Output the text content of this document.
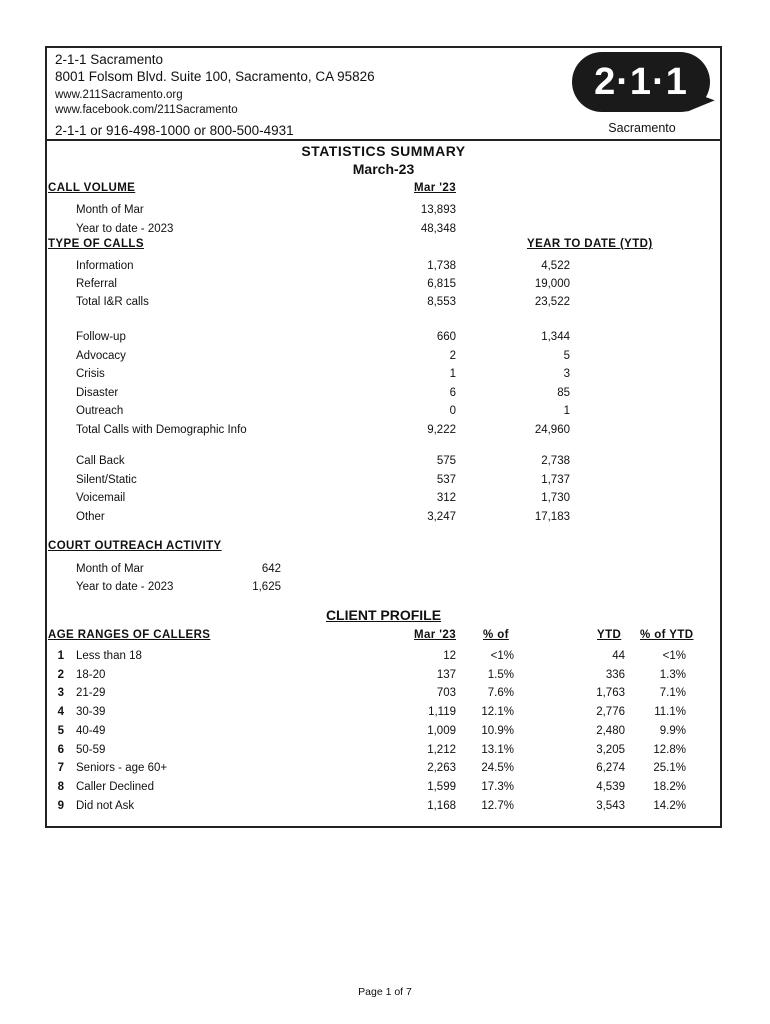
2-1-1 Sacramento
8001 Folsom Blvd. Suite 100, Sacramento, CA 95826
www.211Sacramento.org
www.facebook.com/211Sacramento
2-1-1 or 916-498-1000 or 800-500-4931
2·1·1
Sacramento
STATISTICS SUMMARY
March-23
CALL VOLUME	Mar '23
Month of Mar	13,893
Year to date - 2023	48,348
TYPE OF CALLS	YEAR TO DATE (YTD)
Information	1,738	4,522
Referral	6,815	19,000
Total I&R calls	8,553	23,522
Follow-up	660	1,344
Advocacy	2	5
Crisis	1	3
Disaster	6	85
Outreach	0	1
Total Calls with Demographic Info	9,222	24,960
Call Back	575	2,738
Silent/Static	537	1,737
Voicemail	312	1,730
Other	3,247	17,183
COURT OUTREACH ACTIVITY
Month of Mar	642
Year to date - 2023	1,625
AGE RANGES OF CALLERS	Mar '23 % of	YTD % of YTD
1 Less than 18	12	<1%	44	<1%
2 18-20	137	1.5%	336	1.3%
3 21-29	703	7.6%	1,763	7.1%
4 30-39	1,119	12.1%	2,776	11.1%
5 40-49	1,009	10.9%	2,480	9.9%
6 50-59	1,212	13.1%	3,205	12.8%
7 Seniors - age 60+	2,263	24.5%	6,274	25.1%
8 Caller Declined	1,599	17.3%	4,539	18.2%
9 Did not Ask	1,168	12.7%	3,543	14.2%
CLIENT PROFILE
Page 1 of 7
